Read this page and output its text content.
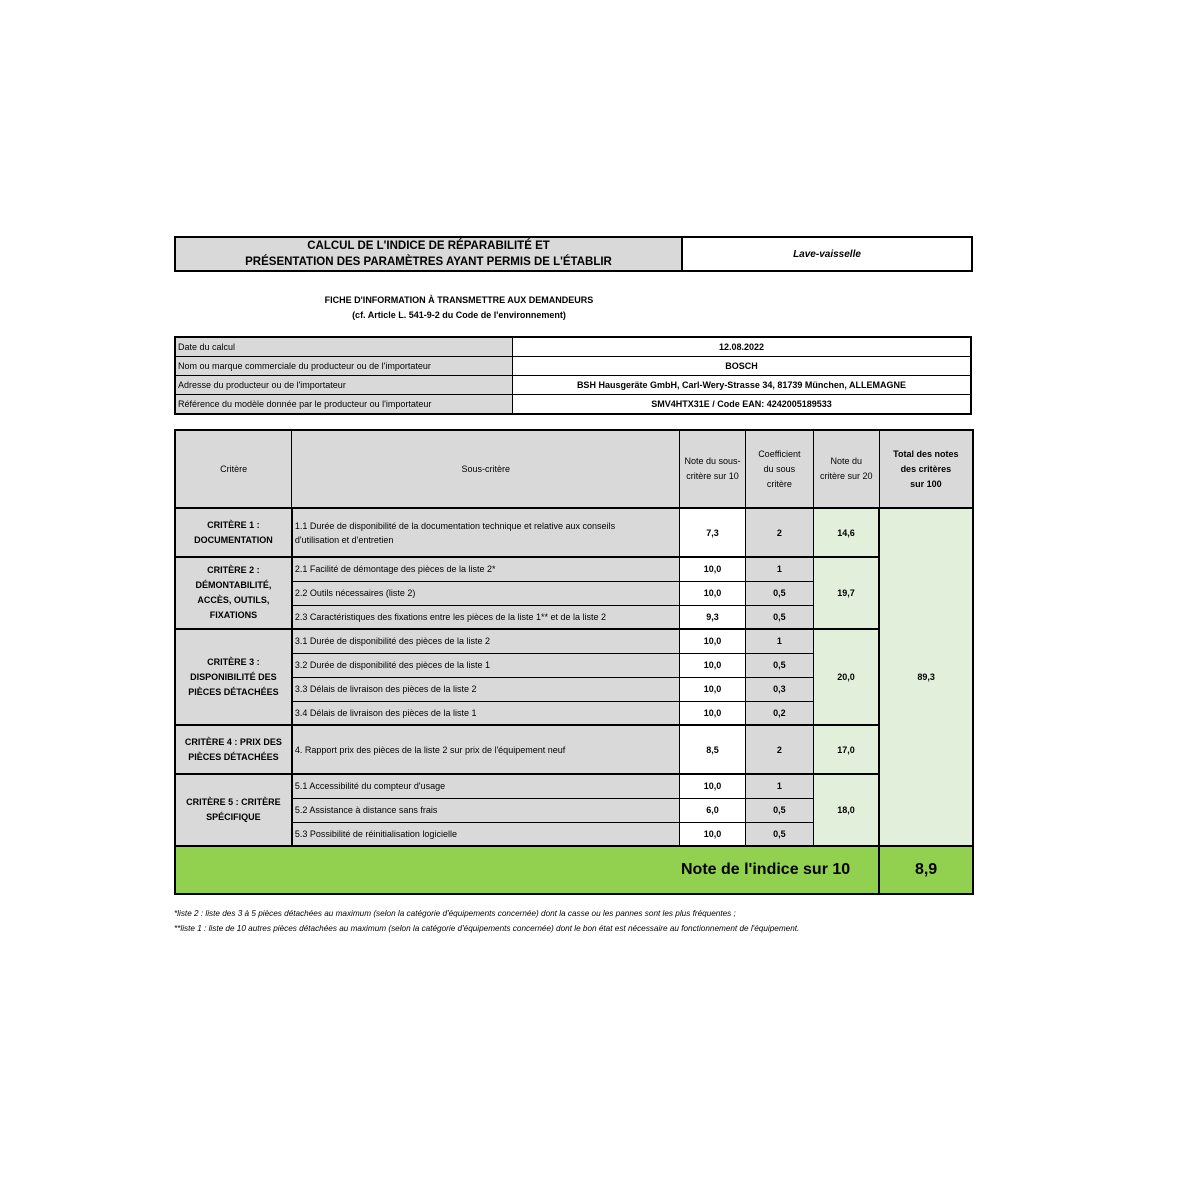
CALCUL DE L'INDICE DE RÉPARABILITÉ ET
PRÉSENTATION DES PARAMÈTRES AYANT PERMIS DE L'ÉTABLIR
Lave-vaisselle
FICHE D'INFORMATION À TRANSMETTRE AUX DEMANDEURS
(cf. Article L. 541-9-2 du Code de l'environnement)
Date du calcul	12.08.2022
Nom ou marque commerciale du producteur ou de l'importateur	BOSCH
Adresse du producteur ou de l'importateur	BSH Hausgeräte GmbH, Carl-Wery-Strasse 34, 81739 München, ALLEMAGNE
Référence du modèle donnée par le producteur ou l'importateur	SMV4HTX31E / Code EAN: 4242005189533
Critère	Sous-critère	Note du sous-
critère sur 10	Coefficient
du sous
critère	Note du
critère sur 20	Total des notes
des critères
sur 100
CRITÈRE 1 :
DOCUMENTATION	1.1 Durée de disponibilité de la documentation technique et relative aux conseils
d'utilisation et d'entretien	7,3	2	14,6	89,3
CRITÈRE 2 :
DÉMONTABILITÉ,
ACCÈS, OUTILS,
FIXATIONS	2.1 Facilité de démontage des pièces de la liste 2*	10,0	1	19,7	
	2.2 Outils nécessaires (liste 2)	10,0	0,5		
	2.3 Caractéristiques des fixations entre les pièces de la liste 1** et de la liste 2	9,3	0,5		
CRITÈRE 3 :
DISPONIBILITÉ DES
PIÈCES DÉTACHÉES	3.1 Durée de disponibilité des pièces de la liste 2	10,0	1	20,0	
	3.2 Durée de disponibilité des pièces de la liste 1	10,0	0,5		
	3.3 Délais de livraison des pièces de la liste 2	10,0	0,3		
	3.4 Délais de livraison des pièces de la liste 1	10,0	0,2		
CRITÈRE 4 : PRIX DES
PIÈCES DÉTACHÉES	4. Rapport prix des pièces de la liste 2 sur prix de l'équipement neuf	8,5	2	17,0	
CRITÈRE 5 : CRITÈRE
SPÉCIFIQUE	5.1 Accessibilité du compteur d'usage	10,0	1	18,0	
	5.2 Assistance à distance sans frais	6,0	0,5		
	5.3 Possibilité de réinitialisation logicielle	10,0	0,5		
Note de l'indice sur 10					8,9
*liste 2 : liste des 3 à 5 pièces détachées au maximum (selon la catégorie d'équipements concernée) dont la casse ou les pannes sont les plus fréquentes ;
**liste 1 : liste de 10 autres pièces détachées au maximum (selon la catégorie d'équipements concernée) dont le bon état est nécessaire au fonctionnement de l'équipement.
